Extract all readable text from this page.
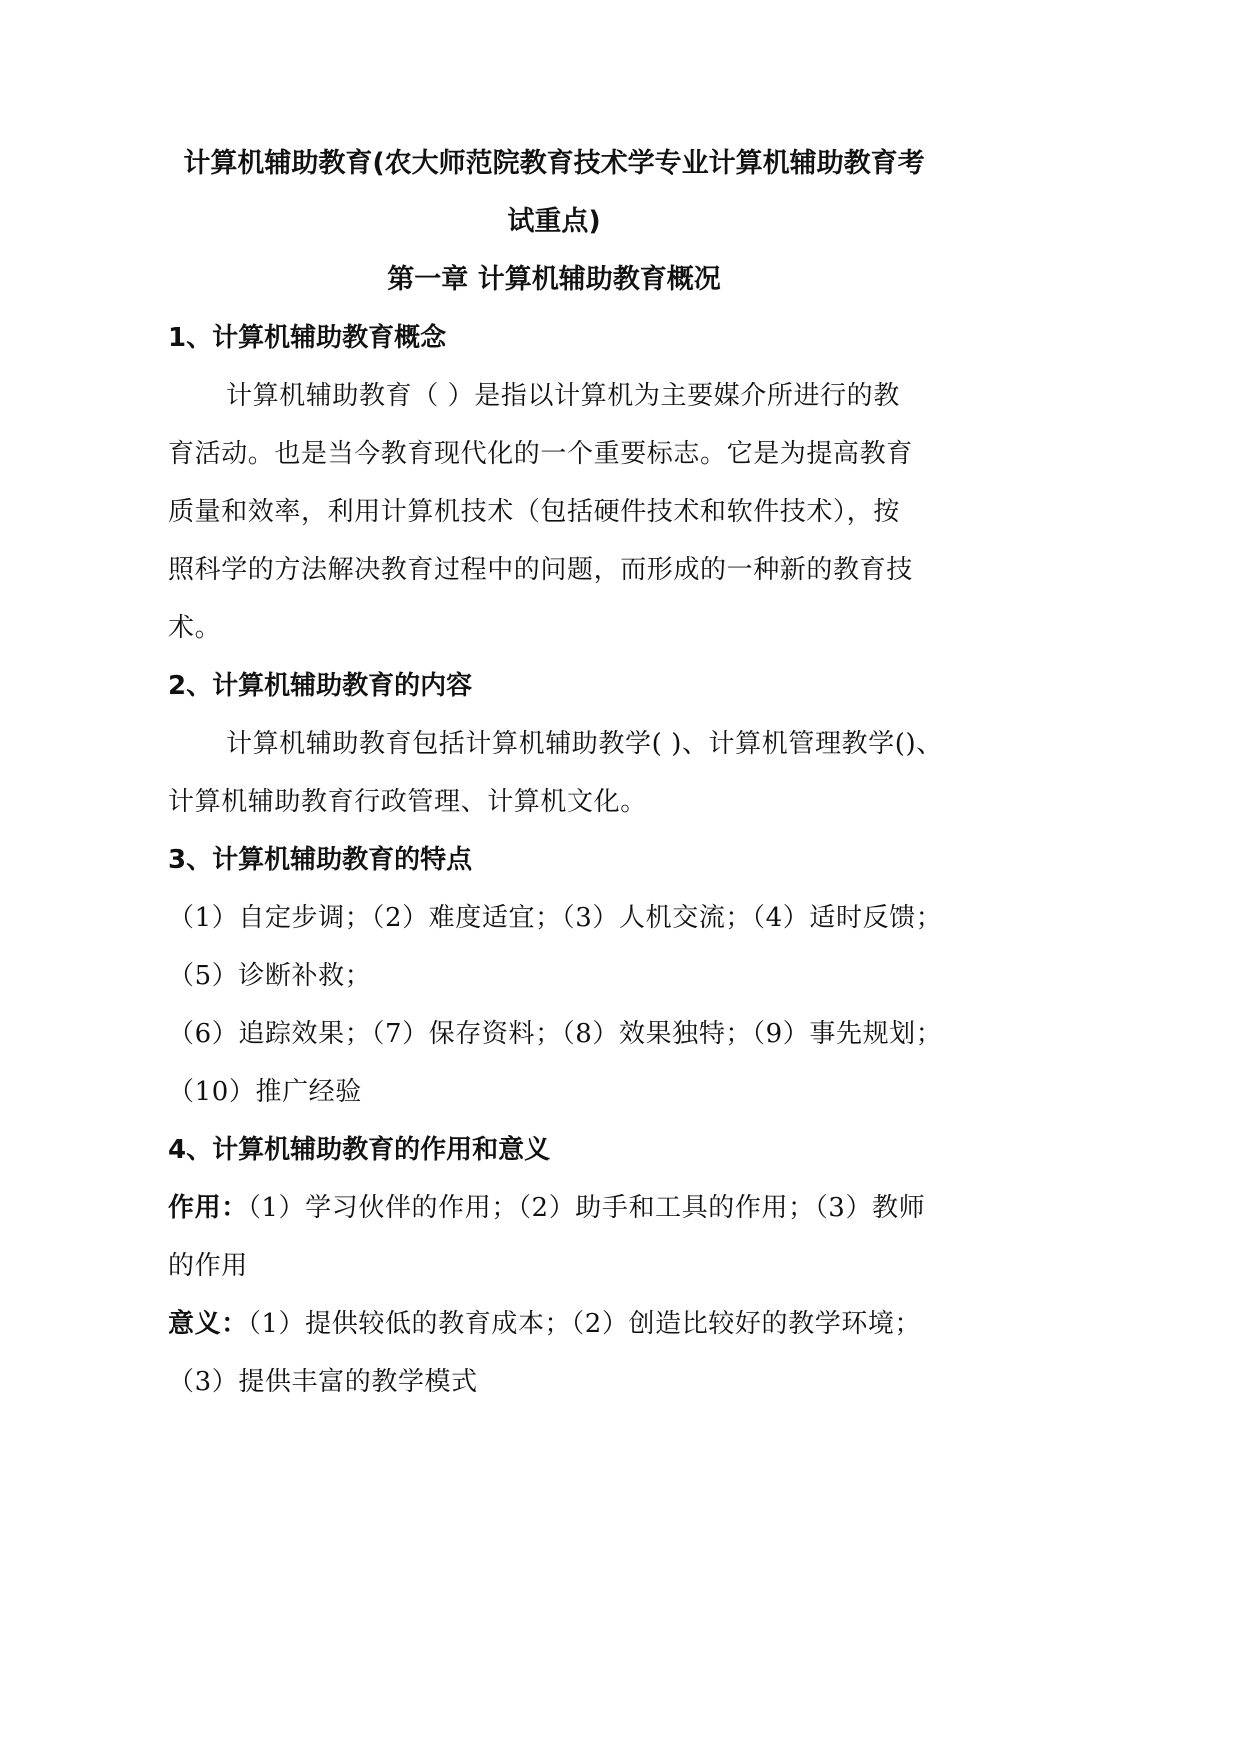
计算机辅助教育(农大师范院教育技术学专业计算机辅助教育考
试重点)
第一章 计算机辅助教育概况
1、计算机辅助教育概念
计算机辅助教育（ ）是指以计算机为主要媒介所进行的教
育活动。也是当今教育现代化的一个重要标志。它是为提高教育
质量和效率，利用计算机技术（包括硬件技术和软件技术），按
照科学的方法解决教育过程中的问题，而形成的一种新的教育技
术。
2、计算机辅助教育的内容
计算机辅助教育包括计算机辅助教学( )、计算机管理教学()、
计算机辅助教育行政管理、计算机文化。
3、计算机辅助教育的特点
（1）自定步调；（2）难度适宜；（3）人机交流；（4）适时反馈；
（5）诊断补救；
（6）追踪效果；（7）保存资料；（8）效果独特；（9）事先规划；
（10）推广经验
4、计算机辅助教育的作用和意义
作用：（1）学习伙伴的作用；（2）助手和工具的作用；（3）教师
的作用
意义：（1）提供较低的教育成本；（2）创造比较好的教学环境；
（3）提供丰富的教学模式
